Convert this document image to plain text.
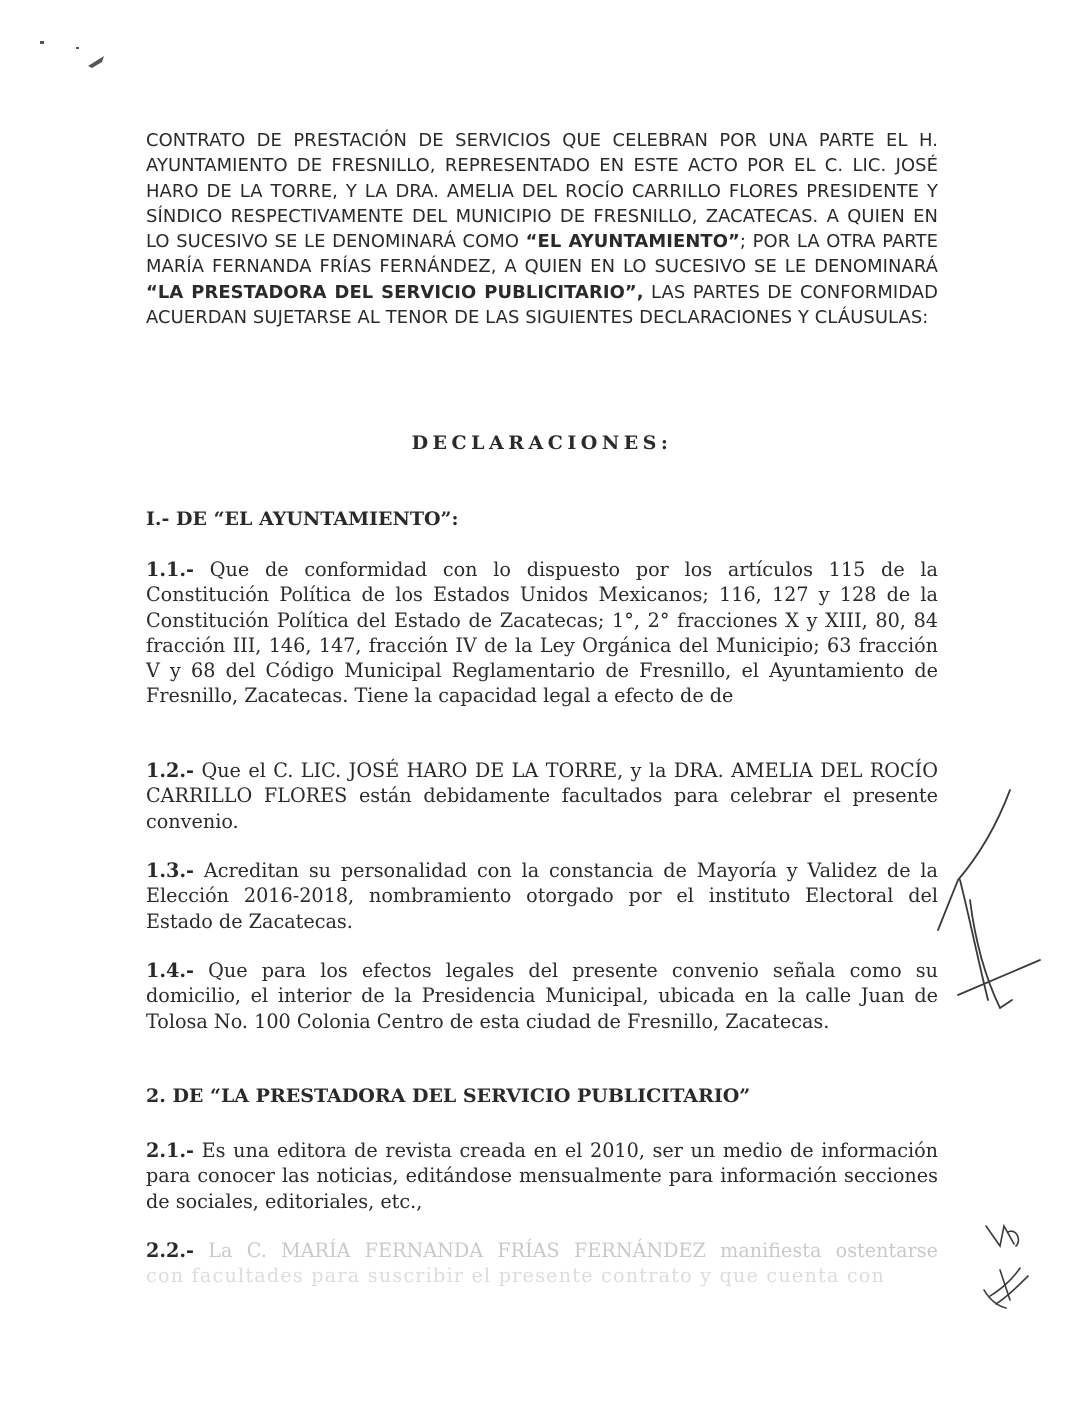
CONTRATO DE PRESTACIÓN DE SERVICIOS QUE CELEBRAN POR UNA PARTE EL H. AYUNTAMIENTO DE FRESNILLO, REPRESENTADO EN ESTE ACTO POR EL C. LIC. JOSÉ HARO DE LA TORRE, Y LA DRA. AMELIA DEL ROCÍO CARRILLO FLORES PRESIDENTE Y SÍNDICO RESPECTIVAMENTE DEL MUNICIPIO DE FRESNILLO, ZACATECAS. A QUIEN EN LO SUCESIVO SE LE DENOMINARÁ COMO “EL AYUNTAMIENTO”; POR LA OTRA PARTE MARÍA FERNANDA FRÍAS FERNÁNDEZ, A QUIEN EN LO SUCESIVO SE LE DENOMINARÁ “LA PRESTADORA DEL SERVICIO PUBLICITARIO”, LAS PARTES DE CONFORMIDAD ACUERDAN SUJETARSE AL TENOR DE LAS SIGUIENTES DECLARACIONES Y CLÁUSULAS:

DECLARACIONES:
I.- DE “EL AYUNTAMIENTO”:

1.1.- Que de conformidad con lo dispuesto por los artículos 115 de la Constitución Política de los Estados Unidos Mexicanos; 116, 127 y 128 de la Constitución Política del Estado de Zacatecas; 1°, 2° fracciones X y XIII, 80, 84 fracción III, 146, 147, fracción IV de la Ley Orgánica del Municipio; 63 fracción V y 68 del Código Municipal Reglamentario de Fresnillo, el Ayuntamiento de Fresnillo, Zacatecas. Tiene la capacidad legal a efecto de de

1.2.- Que el C. LIC. JOSÉ HARO DE LA TORRE, y la DRA. AMELIA DEL ROCÍO CARRILLO FLORES están debidamente facultados para celebrar el presente convenio.

1.3.- Acreditan su personalidad con la constancia de Mayoría y Validez de la Elección 2016-2018, nombramiento otorgado por el instituto Electoral del Estado de Zacatecas.

1.4.- Que para los efectos legales del presente convenio señala como su domicilio, el interior de la Presidencia Municipal, ubicada en la calle Juan de Tolosa No. 100 Colonia Centro de esta ciudad de Fresnillo, Zacatecas.

2. DE “LA PRESTADORA DEL SERVICIO PUBLICITARIO”

2.1.- Es una editora de revista creada en el 2010, ser un medio de información para conocer las noticias, editándose mensualmente para información secciones de sociales, editoriales, etc.,

2.2.- La C. MARÍA FERNANDA FRÍAS FERNÁNDEZ manifiesta ostentarse

con facultades para suscribir el presente contrato y que cuenta con
